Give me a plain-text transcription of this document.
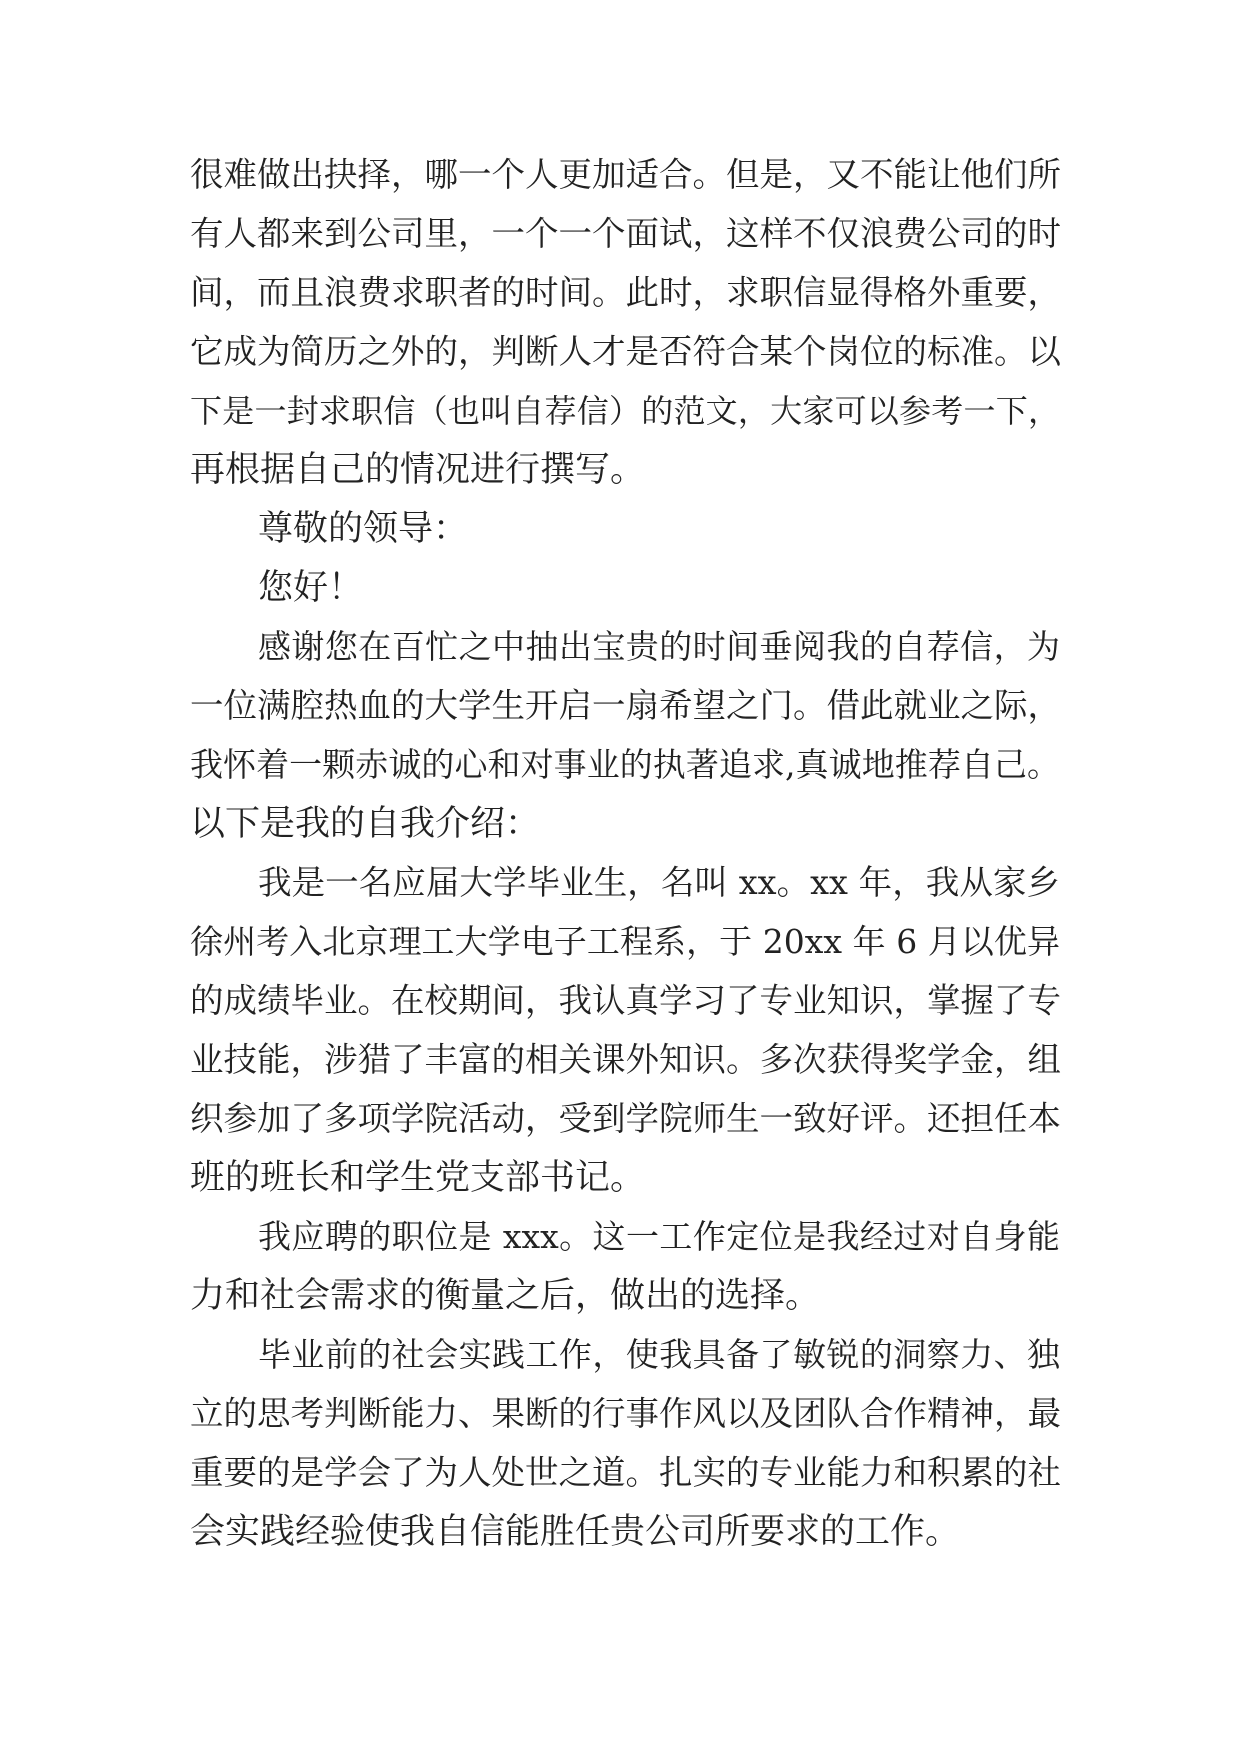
很难做出抉择，哪一个人更加适合。但是，又不能让他们所
有人都来到公司里，一个一个面试，这样不仅浪费公司的时
间，而且浪费求职者的时间。此时，求职信显得格外重要，
它成为简历之外的，判断人才是否符合某个岗位的标准。以
下是一封求职信（也叫自荐信）的范文，大家可以参考一下，
再根据自己的情况进行撰写。
尊敬的领导：
您好！
感谢您在百忙之中抽出宝贵的时间垂阅我的自荐信，为
一位满腔热血的大学生开启一扇希望之门。借此就业之际，
我怀着一颗赤诚的心和对事业的执著追求,真诚地推荐自己。
以下是我的自我介绍：
我是一名应届大学毕业生，名叫 xx。xx 年，我从家乡
徐州考入北京理工大学电子工程系，于 20xx 年 6 月以优异
的成绩毕业。在校期间，我认真学习了专业知识，掌握了专
业技能，涉猎了丰富的相关课外知识。多次获得奖学金，组
织参加了多项学院活动，受到学院师生一致好评。还担任本
班的班长和学生党支部书记。
我应聘的职位是 xxx。这一工作定位是我经过对自身能
力和社会需求的衡量之后，做出的选择。
毕业前的社会实践工作，使我具备了敏锐的洞察力、独
立的思考判断能力、果断的行事作风以及团队合作精神，最
重要的是学会了为人处世之道。扎实的专业能力和积累的社
会实践经验使我自信能胜任贵公司所要求的工作。
